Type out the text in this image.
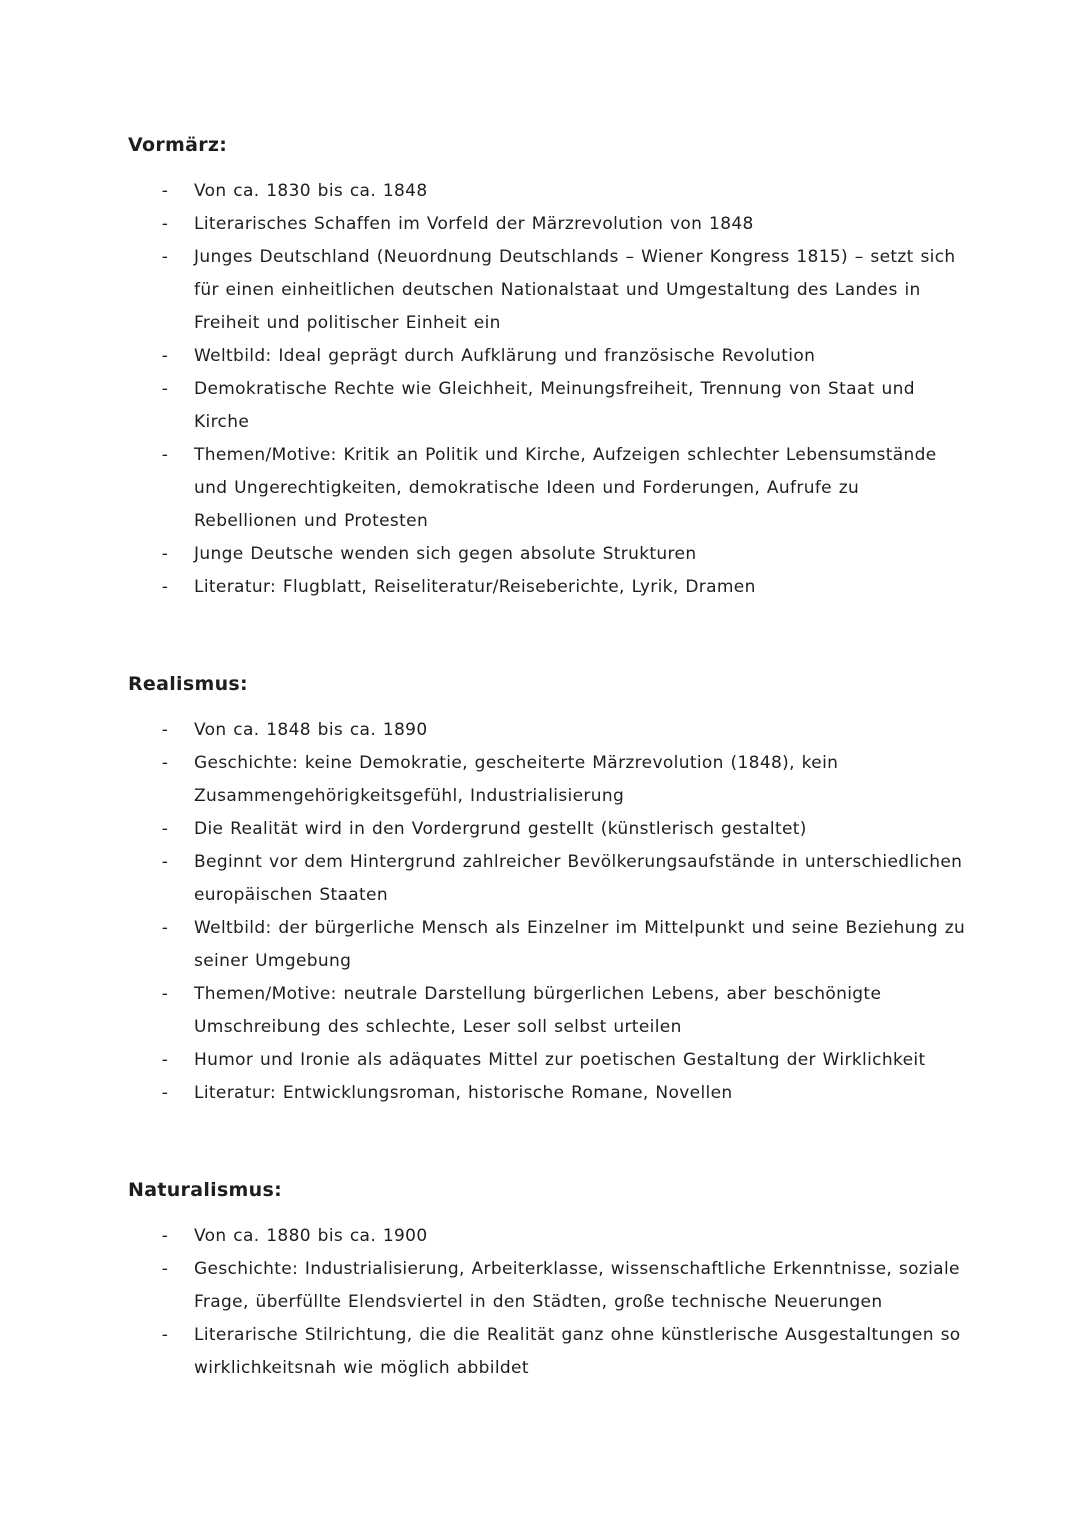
Vormärz:
- Von ca. 1830 bis ca. 1848
- Literarisches Schaffen im Vorfeld der Märzrevolution von 1848
- Junges Deutschland (Neuordnung Deutschlands – Wiener Kongress 1815) – setzt sich für einen einheitlichen deutschen Nationalstaat und Umgestaltung des Landes in Freiheit und politischer Einheit ein
- Weltbild: Ideal geprägt durch Aufklärung und französische Revolution
- Demokratische Rechte wie Gleichheit, Meinungsfreiheit, Trennung von Staat und Kirche
- Themen/Motive: Kritik an Politik und Kirche, Aufzeigen schlechter Lebensumstände und Ungerechtigkeiten, demokratische Ideen und Forderungen, Aufrufe zu Rebellionen und Protesten
- Junge Deutsche wenden sich gegen absolute Strukturen
- Literatur: Flugblatt, Reiseliteratur/Reiseberichte, Lyrik, Dramen
Realismus:
- Von ca. 1848 bis ca. 1890
- Geschichte: keine Demokratie, gescheiterte Märzrevolution (1848), kein Zusammengehörigkeitsgefühl, Industrialisierung
- Die Realität wird in den Vordergrund gestellt (künstlerisch gestaltet)
- Beginnt vor dem Hintergrund zahlreicher Bevölkerungsaufstände in unterschiedlichen europäischen Staaten
- Weltbild: der bürgerliche Mensch als Einzelner im Mittelpunkt und seine Beziehung zu seiner Umgebung
- Themen/Motive: neutrale Darstellung bürgerlichen Lebens, aber beschönigte Umschreibung des schlechte, Leser soll selbst urteilen
- Humor und Ironie als adäquates Mittel zur poetischen Gestaltung der Wirklichkeit
- Literatur: Entwicklungsroman, historische Romane, Novellen
Naturalismus:
- Von ca. 1880 bis ca. 1900
- Geschichte: Industrialisierung, Arbeiterklasse, wissenschaftliche Erkenntnisse, soziale Frage, überfüllte Elendsviertel in den Städten, große technische Neuerungen
- Literarische Stilrichtung, die die Realität ganz ohne künstlerische Ausgestaltungen so wirklichkeitsnah wie möglich abbildet
